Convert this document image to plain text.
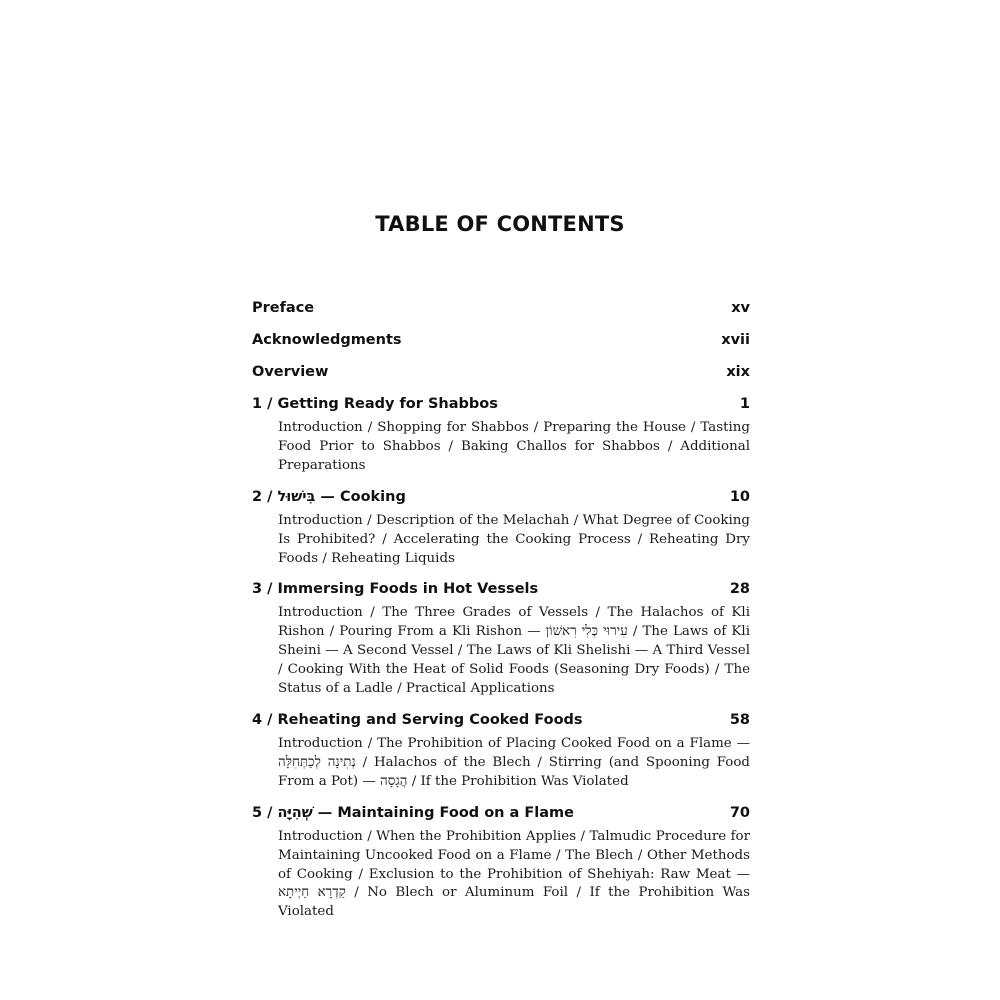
TABLE OF CONTENTS
Preface	xv
Acknowledgments	xvii
Overview	xix
1 / Getting Ready for Shabbos	1
Introduction / Shopping for Shabbos / Preparing the House / Tasting Food Prior to Shabbos / Baking Challos for Shabbos / Additional Preparations
2 / בִּישׁוּל — Cooking	10
Introduction / Description of the Melachah / What Degree of Cooking Is Prohibited? / Accelerating the Cooking Process / Reheating Dry Foods / Reheating Liquids
3 / Immersing Foods in Hot Vessels	28
Introduction / The Three Grades of Vessels / The Halachos of Kli Rishon / Pouring From a Kli Rishon — עִירוּי כְּלִי רִאשׁוֹן / The Laws of Kli Sheini — A Second Vessel / The Laws of Kli Shelishi — A Third Vessel / Cooking With the Heat of Solid Foods (Seasoning Dry Foods) / The Status of a Ladle / Practical Applications
4 / Reheating and Serving Cooked Foods	58
Introduction / The Prohibition of Placing Cooked Food on a Flame — נְתִינָה לְכַתְּחִלָּה / Halachos of the Blech / Stirring (and Spooning Food From a Pot) — הֲגָסָה / If the Prohibition Was Violated
5 / שְׁהִיָּה — Maintaining Food on a Flame	70
Introduction / When the Prohibition Applies / Talmudic Procedure for Maintaining Uncooked Food on a Flame / The Blech / Other Methods of Cooking / Exclusion to the Prohibition of Shehiyah: Raw Meat — קַדְרָא חַיְיתָא / No Blech or Aluminum Foil / If the Prohibition Was Violated
